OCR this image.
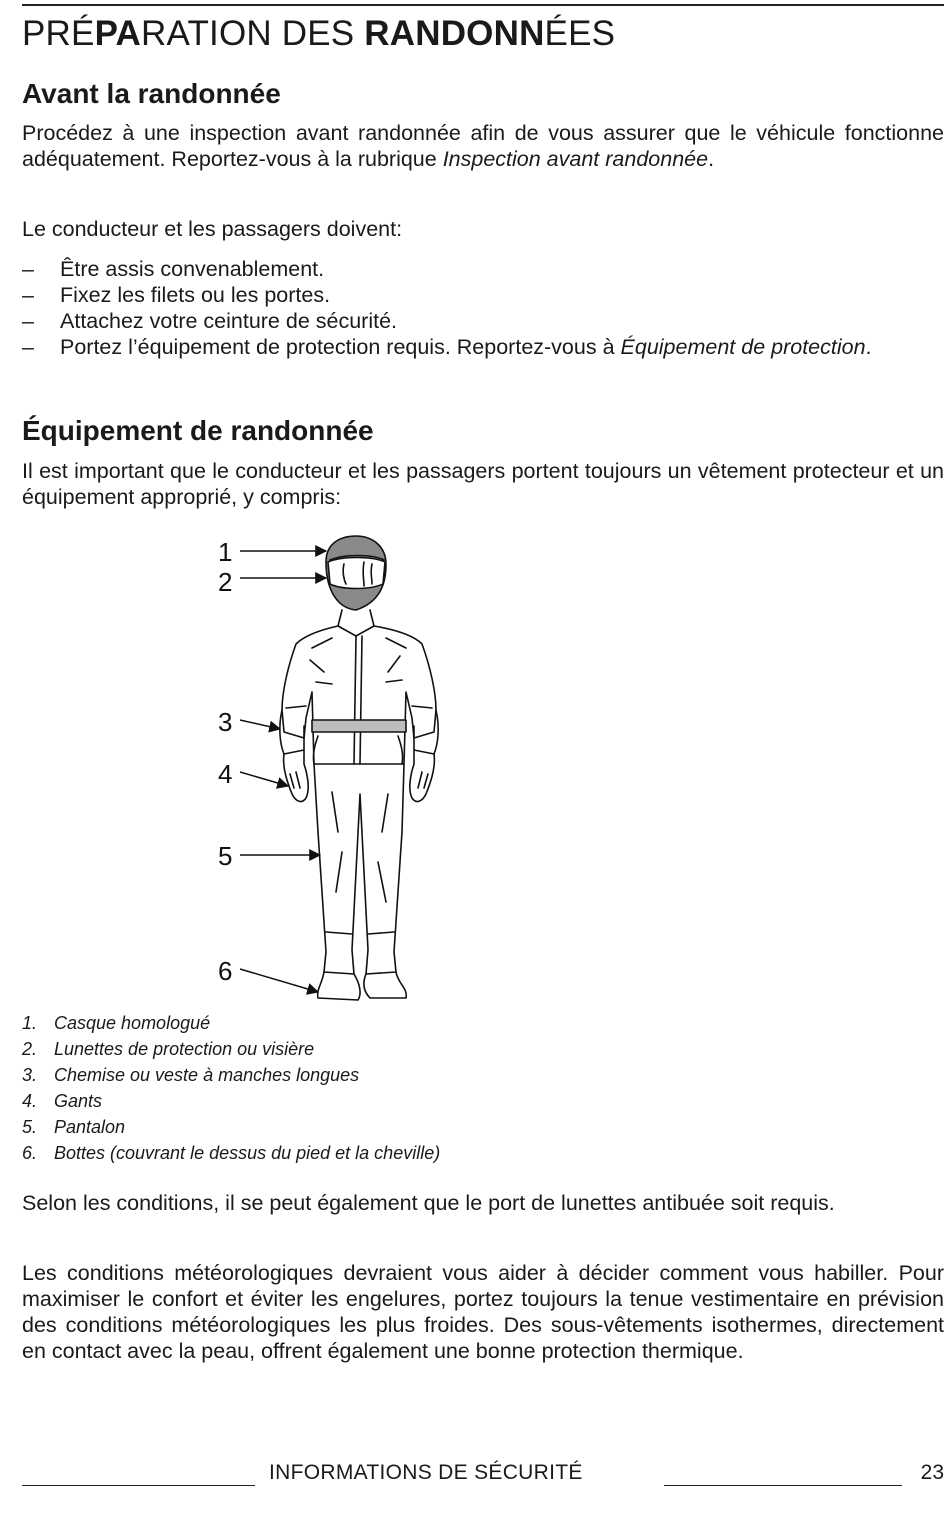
PRÉPARATION DES RANDONNÉES
Avant la randonnée

Procédez à une inspection avant randonnée afin de vous assurer que le véhicule fonctionne adéquatement. Reportez-vous à la rubrique Inspection avant randonnée.

Le conducteur et les passagers doivent:

– Être assis convenablement.
– Fixez les filets ou les portes.
– Attachez votre ceinture de sécurité.
– Portez l’équipement de protection requis. Reportez-vous à Équipement de protection.
Équipement de randonnée

Il est important que le conducteur et les passagers portent toujours un vêtement protecteur et un équipement approprié, y compris:

1
2
3
4
5
6
1. Casque homologué
2. Lunettes de protection ou visière
3. Chemise ou veste à manches longues
4. Gants
5. Pantalon
6. Bottes (couvrant le dessus du pied et la cheville)

Selon les conditions, il se peut également que le port de lunettes antibuée soit requis.

Les conditions météorologiques devraient vous aider à décider comment vous habiller. Pour maximiser le confort et éviter les engelures, portez toujours la tenue vestimentaire en prévision des conditions météorologiques les plus froides. Des sous-vêtements isothermes, directement en contact avec la peau, offrent également une bonne protection thermique.

INFORMATIONS DE SÉCURITÉ	23
